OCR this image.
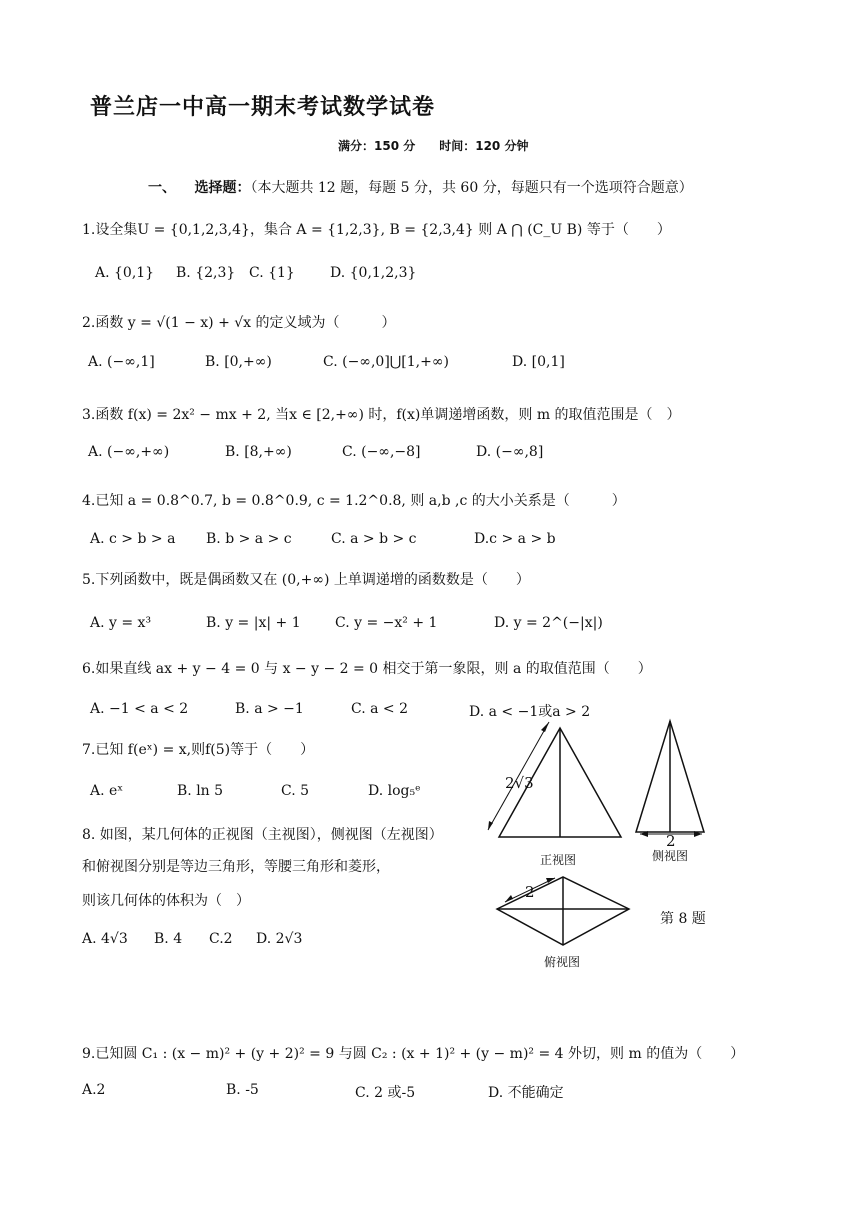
普兰店一中高一期末考试数学试卷
满分：150 分　　时间：120 分钟
一、 选择题：（本大题共 12 题，每题 5 分，共 60 分，每题只有一个选项符合题意）
1.设全集U = {0,1,2,3,4}，集合 A = {1,2,3}, B = {2,3,4} 则 A ⋂ (C_U B) 等于（　　）
A. {0,1} B. {2,3} C. {1}	D. {0,1,2,3}
2.函数 y = √(1 − x) + √x 的定义域为（　　　）
A. (−∞,1]	B. [0,+∞)	C. (−∞,0]⋃[1,+∞)	D. [0,1]
3.函数 f(x) = 2x² − mx + 2, 当x ∈ [2,+∞) 时，f(x)单调递增函数，则 m 的取值范围是（　）
A. (−∞,+∞)	B. [8,+∞)	C. (−∞,−8]	D. (−∞,8]
4.已知 a = 0.8^0.7, b = 0.8^0.9, c = 1.2^0.8, 则 a,b ,c 的大小关系是（　　　）
A. c > b > a B. b > a > c	C. a > b > c	D.c > a > b
5.下列函数中，既是偶函数又在 (0,+∞) 上单调递增的函数数是（　　）
A. y = x³	B. y = |x| + 1 C. y = −x² + 1	D. y = 2^(−|x|)
6.如果直线 ax + y − 4 = 0 与 x − y − 2 = 0 相交于第一象限，则 a 的取值范围（　　）
A. −1 < a < 2	B. a > −1	C. a < 2	D. a < −1或a > 2
7.已知 f(eˣ) = x,则f(5)等于（　　）
A. eˣ	B. ln 5	C. 5	D. log₅ᵉ
8. 如图，某几何体的正视图（主视图），侧视图（左视图）
和俯视图分别是等边三角形，等腰三角形和菱形，
则该几何体的体积为（　）
A. 4√3 B. 4 C.2 D. 2√3
2√3
2
2
正视图	侧视图
俯视图
第 8 题
9.已知圆 C₁ : (x − m)² + (y + 2)² = 9 与圆 C₂ : (x + 1)² + (y − m)² = 4 外切，则 m 的值为（　　）
A.2	B. -5	C. 2 或-5	D. 不能确定
